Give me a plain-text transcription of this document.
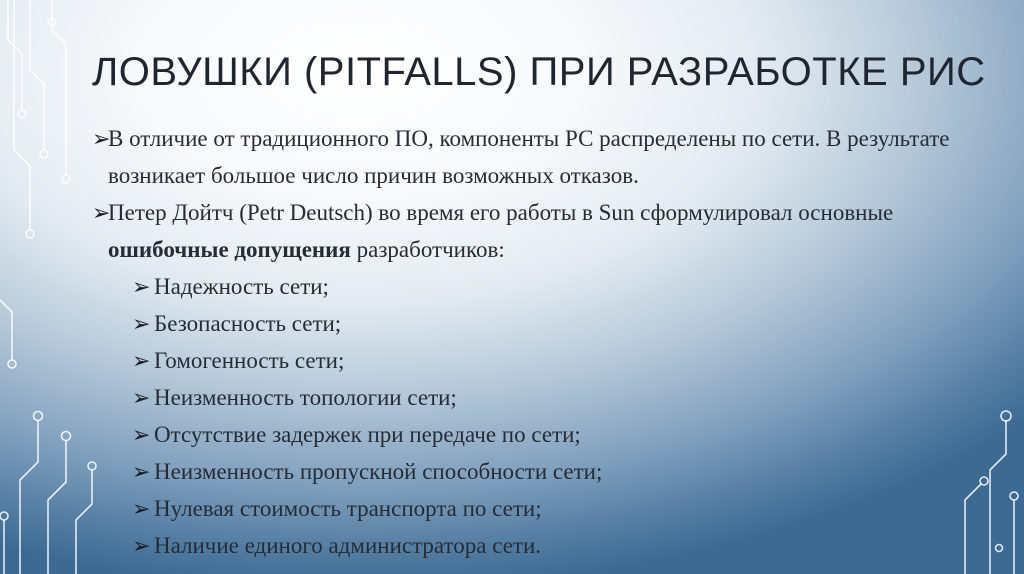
ЛОВУШКИ (PITFALLS) ПРИ РАЗРАБОТКЕ РИС

➢
В отличие от традиционного ПО, компоненты РС распределены по сети. В результате возникает большое число причин возможных отказов.

➢
Петер Дойтч (Petr Deutsch) во время его работы в Sun сформулировал основные ошибочные допущения разработчиков:

➢ Надежность сети;

➢ Безопасность сети;

➢ Гомогенность сети;

➢ Неизменность топологии сети;

➢ Отсутствие задержек при передаче по сети;

➢ Неизменность пропускной способности сети;

➢ Нулевая стоимость транспорта по сети;

➢ Наличие единого администратора сети.
